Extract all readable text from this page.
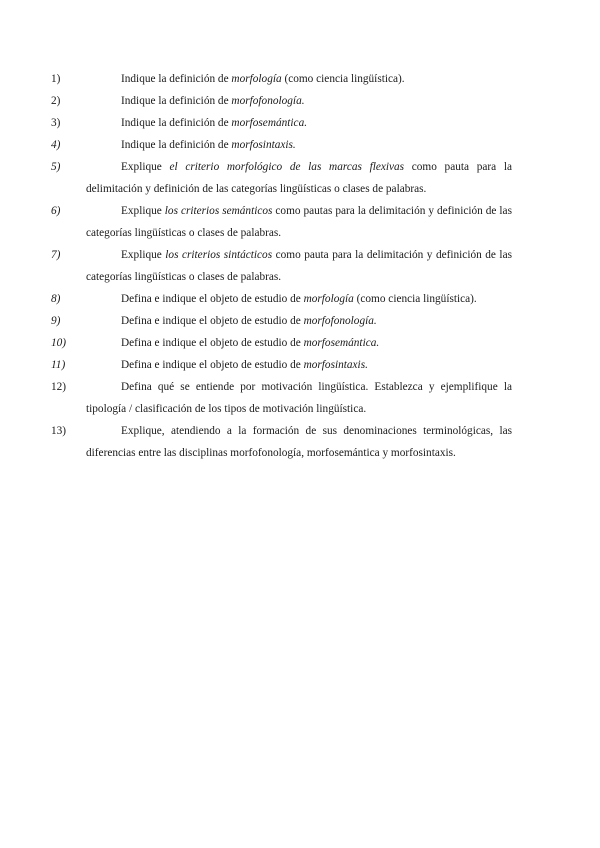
1)	Indique la definición de morfología (como ciencia lingüística).

2)	Indique la definición de morfofonología.

3)	Indique la definición de morfosemántica.

4)	Indique la definición de morfosintaxis.

5)	Explique el criterio morfológico de las marcas flexivas como pauta para la delimitación y definición de las categorías lingüísticas o clases de palabras.

6)	Explique los criterios semánticos como pautas para la delimitación y definición de las categorías lingüísticas o clases de palabras.

7)	Explique los criterios sintácticos como pauta para la delimitación y definición de las categorías lingüísticas o clases de palabras.

8)	Defina e indique el objeto de estudio de morfología (como ciencia lingüística).

9)	Defina e indique el objeto de estudio de morfofonología.

10)	Defina e indique el objeto de estudio de morfosemántica.

11)	Defina e indique el objeto de estudio de morfosintaxis.

12)	Defina qué se entiende por motivación lingüística. Establezca y ejemplifique la tipología / clasificación de los tipos de motivación lingüística.

13)	Explique, atendiendo a la formación de sus denominaciones terminológicas, las diferencias entre las disciplinas morfofonología, morfosemántica y morfosintaxis.
